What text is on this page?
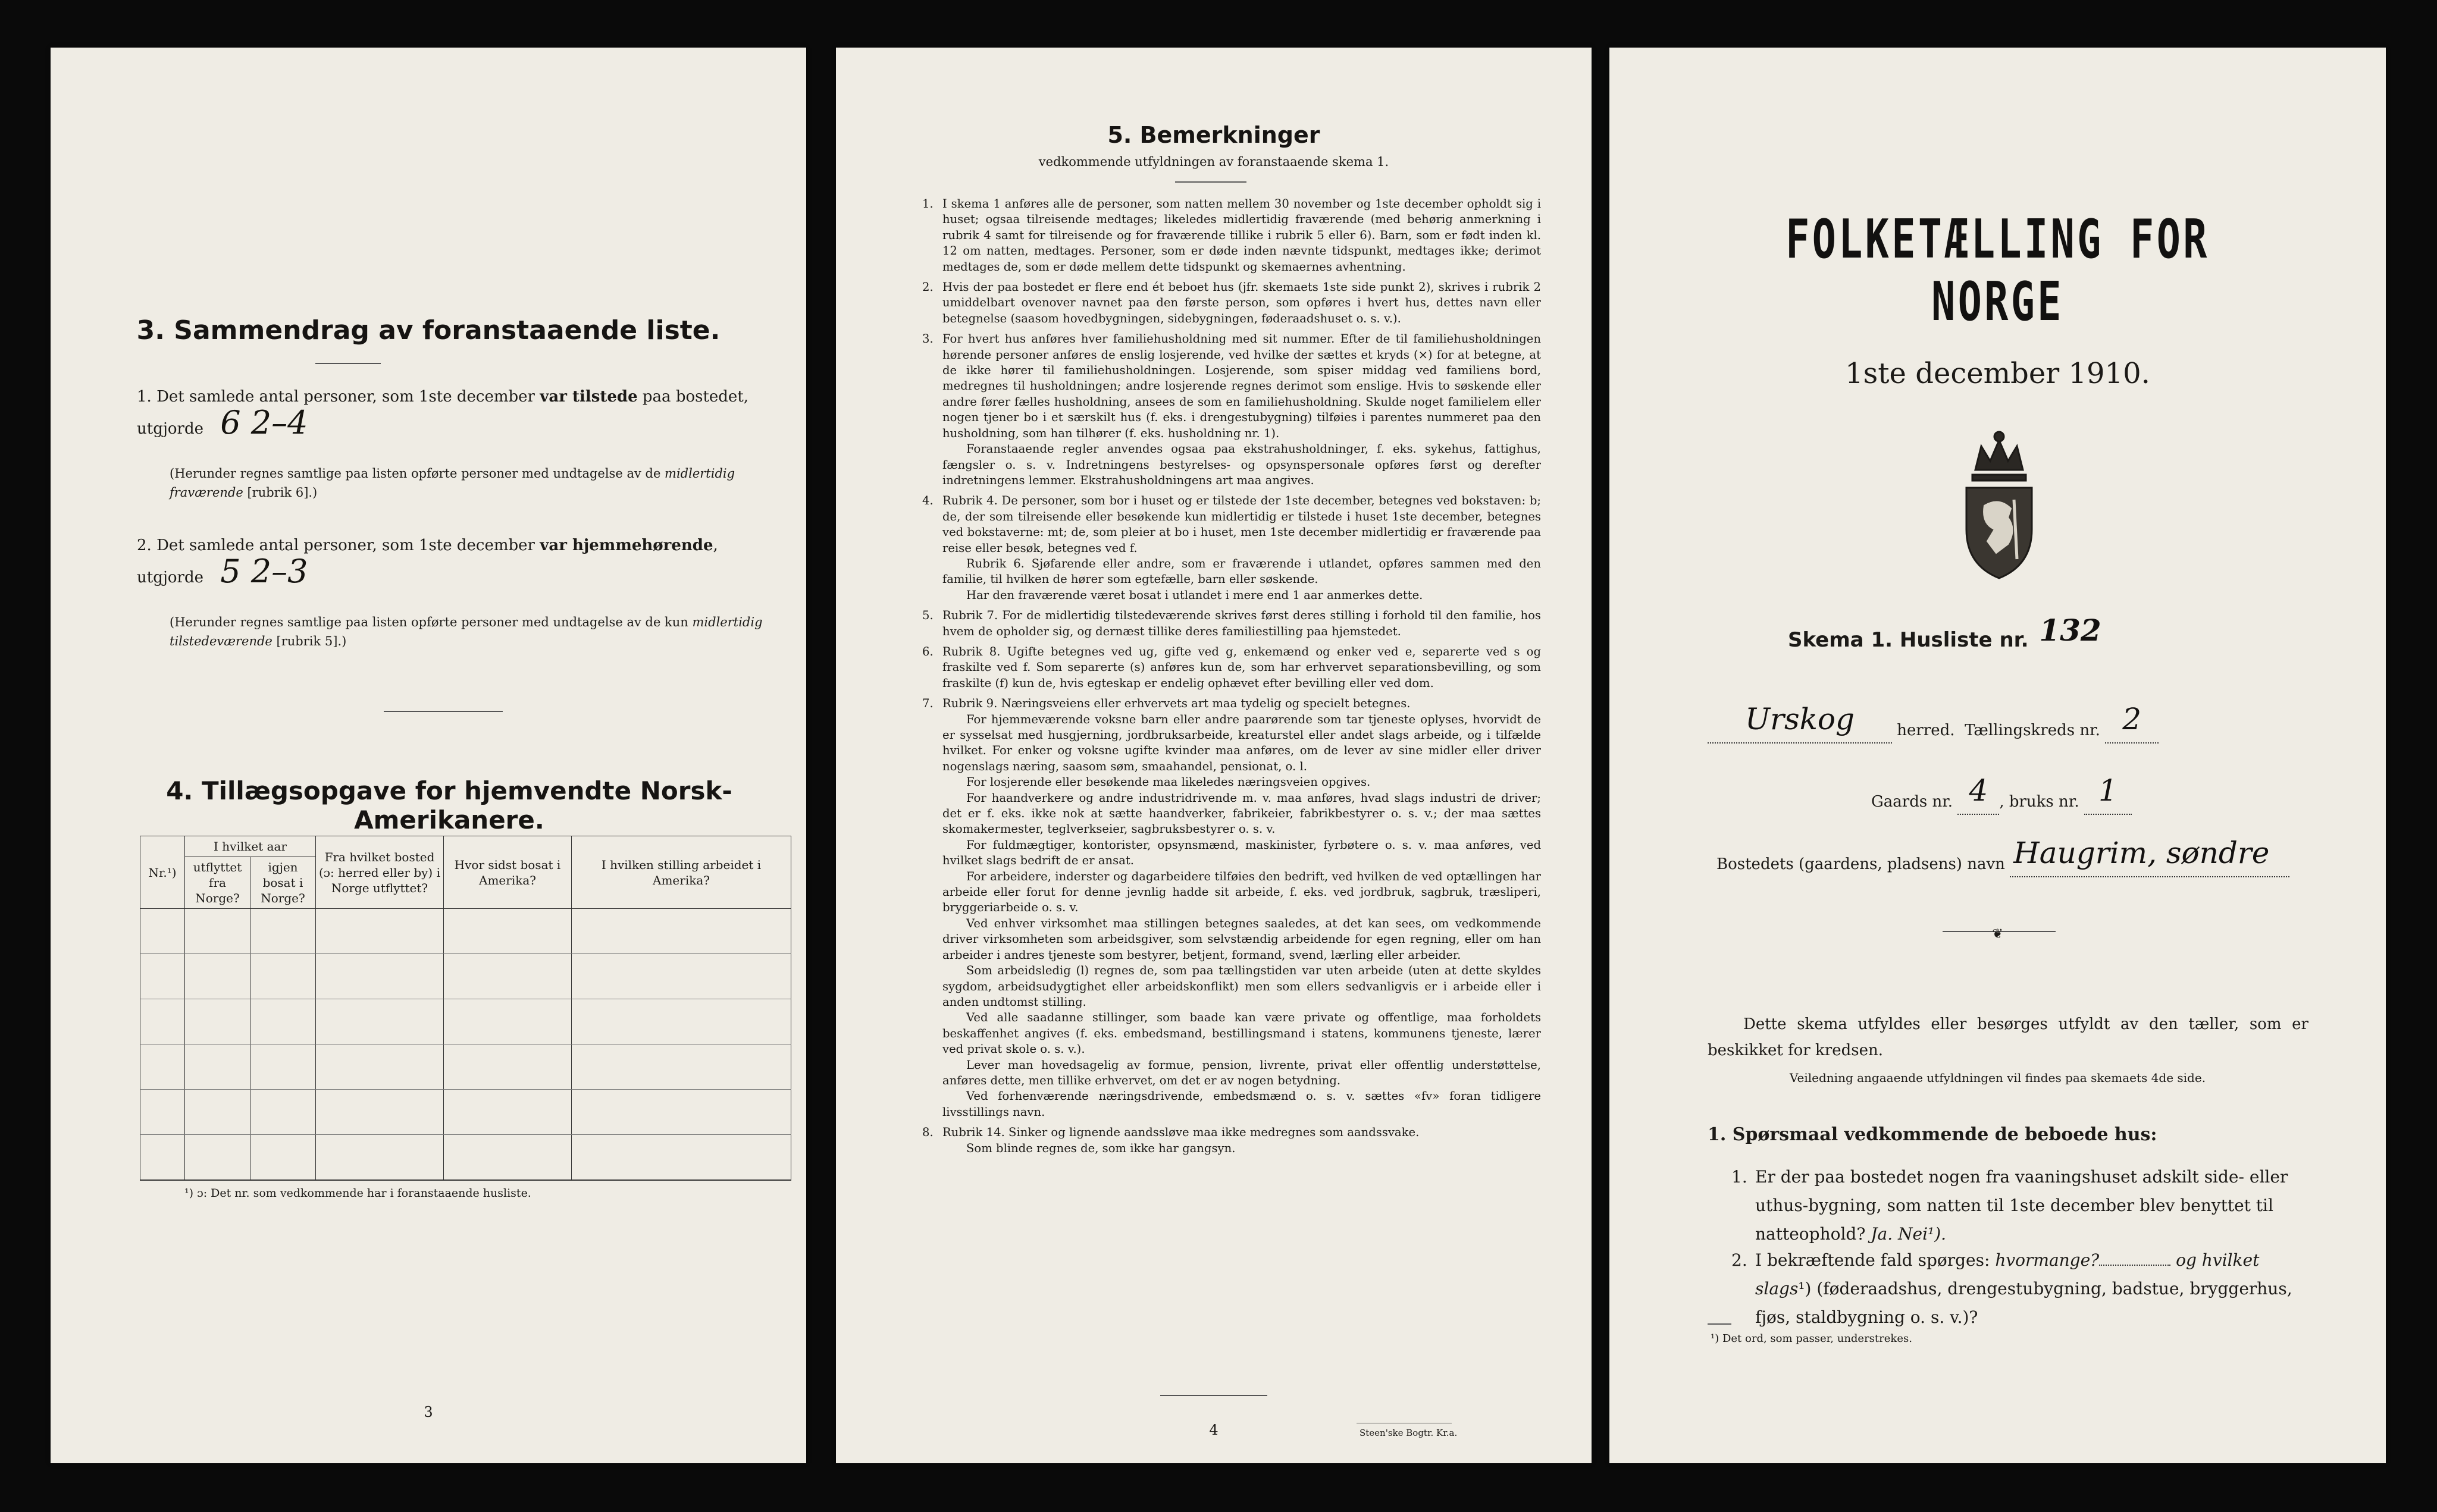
3. Sammendrag av foranstaaende liste.
1. Det samlede antal personer, som 1ste december var tilstede paa bostedet, utgjorde 6 2–4
(Herunder regnes samtlige paa listen opførte personer med undtagelse av de midlertidig fraværende [rubrik 6].)
2. Det samlede antal personer, som 1ste december var hjemmehørende, utgjorde 5 2–3
(Herunder regnes samtlige paa listen opførte personer med undtagelse av de kun midlertidig tilstedeværende [rubrik 5].)
4. Tillægsopgave for hjemvendte Norsk-Amerikanere.
Nr.¹)	I hvilket aar		Fra hvilket bosted (ɔ: herred eller by) i Norge utflyttet?	Hvor sidst bosat i Amerika?	I hvilken stilling arbeidet i Amerika?
	utflyttet fra Norge?	igjen bosat i Norge?			

¹) ɔ: Det nr. som vedkommende har i foranstaaende husliste.
3
5. Bemerkninger
vedkommende utfyldningen av foranstaaende skema 1.
1. I skema 1 anføres alle de personer, som natten mellem 30 november og 1ste december opholdt sig i huset; ogsaa tilreisende medtages; likeledes midlertidig fraværende (med behørig anmerkning i rubrik 4 samt for tilreisende og for fraværende tillike i rubrik 5 eller 6). Barn, som er født inden kl. 12 om natten, medtages. Personer, som er døde inden nævnte tidspunkt, medtages ikke; derimot medtages de, som er døde mellem dette tidspunkt og skemaernes avhentning.
2. Hvis der paa bostedet er flere end ét beboet hus (jfr. skemaets 1ste side punkt 2), skrives i rubrik 2 umiddelbart ovenover navnet paa den første person, som opføres i hvert hus, dettes navn eller betegnelse (saasom hovedbygningen, sidebygningen, føderaadshuset o. s. v.).
3. For hvert hus anføres hver familiehusholdning med sit nummer. Efter de til familiehusholdningen hørende personer anføres de enslig losjerende, ved hvilke der sættes et kryds (×) for at betegne, at de ikke hører til familiehusholdningen. Losjerende, som spiser middag ved familiens bord, medregnes til husholdningen; andre losjerende regnes derimot som enslige. Hvis to søskende eller andre fører fælles husholdning, ansees de som en familiehusholdning. Skulde noget familielem eller nogen tjener bo i et særskilt hus (f. eks. i drengestubygning) tilføies i parentes nummeret paa den husholdning, som han tilhører (f. eks. husholdning nr. 1).
Foranstaaende regler anvendes ogsaa paa ekstrahusholdninger, f. eks. sykehus, fattighus, fængsler o. s. v. Indretningens bestyrelses- og opsynspersonale opføres først og derefter indretningens lemmer. Ekstrahusholdningens art maa angives.
4. Rubrik 4. De personer, som bor i huset og er tilstede der 1ste december, betegnes ved bokstaven: b; de, der som tilreisende eller besøkende kun midlertidig er tilstede i huset 1ste december, betegnes ved bokstaverne: mt; de, som pleier at bo i huset, men 1ste december midlertidig er fraværende paa reise eller besøk, betegnes ved f.
Rubrik 6. Sjøfarende eller andre, som er fraværende i utlandet, opføres sammen med den familie, til hvilken de hører som egtefælle, barn eller søskende.
Har den fraværende været bosat i utlandet i mere end 1 aar anmerkes dette.
5. Rubrik 7. For de midlertidig tilstedeværende skrives først deres stilling i forhold til den familie, hos hvem de opholder sig, og dernæst tillike deres familiestilling paa hjemstedet.
6. Rubrik 8. Ugifte betegnes ved ug, gifte ved g, enkemænd og enker ved e, separerte ved s og fraskilte ved f. Som separerte (s) anføres kun de, som har erhvervet separationsbevilling, og som fraskilte (f) kun de, hvis egteskap er endelig ophævet efter bevilling eller ved dom.
7. Rubrik 9. Næringsveiens eller erhvervets art maa tydelig og specielt betegnes.
For hjemmeværende voksne barn eller andre paarørende som tar tjeneste oplyses, hvorvidt de er sysselsat med husgjerning, jordbruksarbeide, kreaturstel eller andet slags arbeide, og i tilfælde hvilket. For enker og voksne ugifte kvinder maa anføres, om de lever av sine midler eller driver nogenslags næring, saasom søm, smaahandel, pensionat, o. l.
For losjerende eller besøkende maa likeledes næringsveien opgives.
For haandverkere og andre industridrivende m. v. maa anføres, hvad slags industri de driver; det er f. eks. ikke nok at sætte haandverker, fabrikeier, fabrikbestyrer o. s. v.; der maa sættes skomakermester, teglverkseier, sagbruksbestyrer o. s. v.
For fuldmægtiger, kontorister, opsynsmænd, maskinister, fyrbøtere o. s. v. maa anføres, ved hvilket slags bedrift de er ansat.
For arbeidere, inderster og dagarbeidere tilføies den bedrift, ved hvilken de ved optællingen har arbeide eller forut for denne jevnlig hadde sit arbeide, f. eks. ved jordbruk, sagbruk, træsliperi, bryggeriarbeide o. s. v.
Ved enhver virksomhet maa stillingen betegnes saaledes, at det kan sees, om vedkommende driver virksomheten som arbeidsgiver, som selvstændig arbeidende for egen regning, eller om han arbeider i andres tjeneste som bestyrer, betjent, formand, svend, lærling eller arbeider.
Som arbeidsledig (l) regnes de, som paa tællingstiden var uten arbeide (uten at dette skyldes sygdom, arbeidsudygtighet eller arbeidskonflikt) men som ellers sedvanligvis er i arbeide eller i anden undtomst stilling.
Ved alle saadanne stillinger, som baade kan være private og offentlige, maa forholdets beskaffenhet angives (f. eks. embedsmand, bestillingsmand i statens, kommunens tjeneste, lærer ved privat skole o. s. v.).
Lever man hovedsagelig av formue, pension, livrente, privat eller offentlig understøttelse, anføres dette, men tillike erhvervet, om det er av nogen betydning.
Ved forhenværende næringsdrivende, embedsmænd o. s. v. sættes «fv» foran tidligere livsstillings navn.
8. Rubrik 14. Sinker og lignende aandssløve maa ikke medregnes som aandssvake.
Som blinde regnes de, som ikke har gangsyn.
4	Steen'ske Bogtr. Kr.a.
FOLKETÆLLING FOR NORGE
1ste december 1910.
Skema 1. Husliste nr. 132
Urskog	herred. Tællingskreds nr. 2
Gaards nr. 4 , bruks nr. 1
Bostedets (gaardens, pladsens) navn Haugrim, søndre
❦
Dette skema utfyldes eller besørges utfyldt av den tæller, som er beskikket for kredsen.
Veiledning angaaende utfyldningen vil findes paa skemaets 4de side.
1. Spørsmaal vedkommende de beboede hus:
1. Er der paa bostedet nogen fra vaaningshuset adskilt side- eller uthus-bygning, som natten til 1ste december blev benyttet til natteophold? Ja. Nei¹).
2. I bekræftende fald spørges: hvormange?	og hvilket slags¹) (føderaadshus, drengestubygning, badstue, bryggerhus, fjøs, staldbygning o. s. v.)?
¹) Det ord, som passer, understrekes.
